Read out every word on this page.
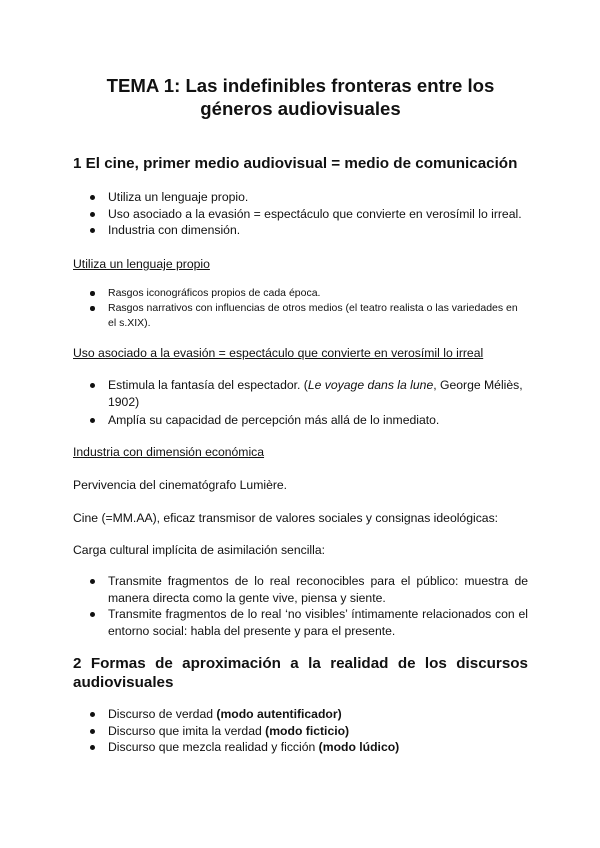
TEMA 1: Las indefinibles fronteras entre los géneros audiovisuales
1 El cine, primer medio audiovisual = medio de comunicación
Utiliza un lenguaje propio.
Uso asociado a la evasión = espectáculo que convierte en verosímil lo irreal.
Industria con dimensión.

Utiliza un lenguaje propio

Rasgos iconográficos propios de cada época.
Rasgos narrativos con influencias de otros medios (el teatro realista o las variedades en el s.XIX).

Uso asociado a la evasión = espectáculo que convierte en verosímil lo irreal

Estimula la fantasía del espectador. (Le voyage dans la lune, George Méliès, 1902)
Amplía su capacidad de percepción más allá de lo inmediato.

Industria con dimensión económica

Pervivencia del cinematógrafo Lumière.

Cine (=MM.AA), eficaz transmisor de valores sociales y consignas ideológicas:

Carga cultural implícita de asimilación sencilla:

Transmite fragmentos de lo real reconocibles para el público: muestra de manera directa como la gente vive, piensa y siente.
Transmite fragmentos de lo real ‘no visibles’ íntimamente relacionados con el entorno social: habla del presente y para el presente.
2 Formas de aproximación a la realidad de los discursos audiovisuales
Discurso de verdad (modo autentificador)
Discurso que imita la verdad (modo ficticio)
Discurso que mezcla realidad y ficción (modo lúdico)
